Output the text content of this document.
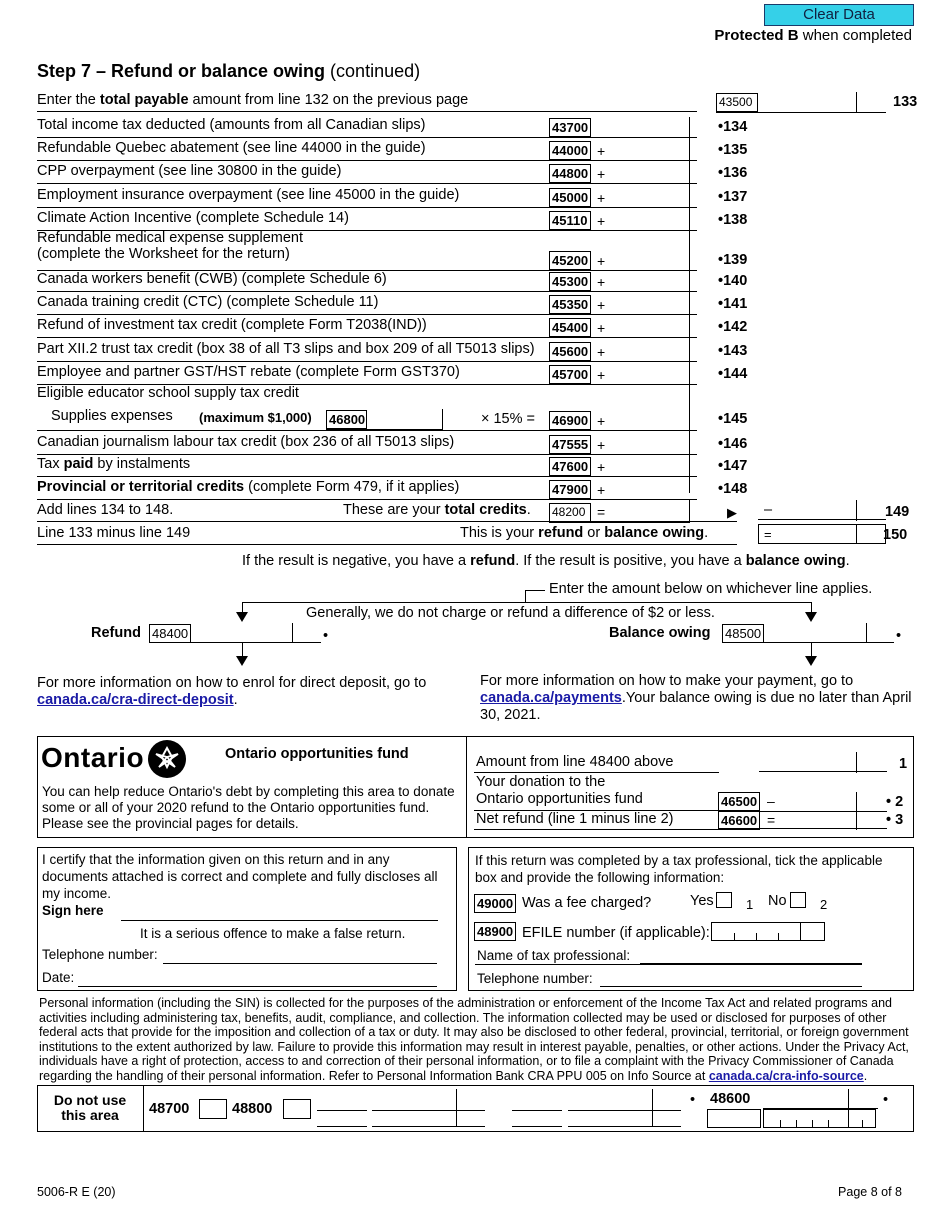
Clear Data
Protected B when completed
Step 7 – Refund or balance owing (continued)
Enter the total payable amount from line 132 on the previous page	43500	133
Total income tax deducted (amounts from all Canadian slips)	43700	•134
Refundable Quebec abatement (see line 44000 in the guide)	44000 +	•135
CPP overpayment (see line 30800 in the guide)	44800 +	•136
Employment insurance overpayment (see line 45000 in the guide)	45000 +	•137
Climate Action Incentive (complete Schedule 14)	45110 +	•138
Refundable medical expense supplement
(complete the Worksheet for the return)	45200 +	•139
Canada workers benefit (CWB) (complete Schedule 6)	45300 +	•140
Canada training credit (CTC) (complete Schedule 11)	45350 +	•141
Refund of investment tax credit (complete Form T2038(IND))	45400 +	•142
Part XII.2 trust tax credit (box 38 of all T3 slips and box 209 of all T5013 slips) 45600 +	•143
Employee and partner GST/HST rebate (complete Form GST370)	45700 +	•144
Eligible educator school supply tax credit
Supplies expenses (maximum $1,000) 46800	× 15% = 46900 +	•145
Canadian journalism labour tax credit (box 236 of all T5013 slips)	47555 +	•146
Tax paid by instalments	47600 +	•147
Provincial or territorial credits (complete Form 479, if it applies)	47900 +	•148
Add lines 134 to 148.	These are your total credits. 48200 =	▶ –	149
Line 133 minus line 149	This is your refund or balance owing.	=	150
If the result is negative, you have a refund. If the result is positive, you have a balance owing.
Enter the amount below on whichever line applies.
Generally, we do not charge or refund a difference of $2 or less.
Refund 48400	•	Balance owing 48500	•
For more information on how to enrol for direct deposit, go to canada.ca/cra-direct-deposit.
For more information on how to make your payment, go to canada.ca/payments.Your balance owing is due no later than April 30, 2021.
Ontario	Ontario opportunities fund
You can help reduce Ontario's debt by completing this area to donate some or all of your 2020 refund to the Ontario opportunities fund. Please see the provincial pages for details.
Amount from line 48400 above	1
Your donation to the
Ontario opportunities fund	46500 –	• 2
Net refund (line 1 minus line 2)	46600 =	• 3
I certify that the information given on this return and in any documents attached is correct and complete and fully discloses all my income.
Sign here
It is a serious offence to make a false return.
Telephone number:
Date:
If this return was completed by a tax professional, tick the applicable box and provide the following information:
49000 Was a fee charged?	Yes 1 No	2
48900 EFILE number (if applicable):
Name of tax professional:
Telephone number:
Personal information (including the SIN) is collected for the purposes of the administration or enforcement of the Income Tax Act and related programs and activities including administering tax, benefits, audit, compliance, and collection. The information collected may be used or disclosed for purposes of other federal acts that provide for the imposition and collection of a tax or duty. It may also be disclosed to other federal, provincial, territorial, or foreign government institutions to the extent authorized by law. Failure to provide this information may result in interest payable, penalties, or other actions. Under the Privacy Act, individuals have a right of protection, access to and correction of their personal information, or to file a complaint with the Privacy Commissioner of Canada regarding the handling of their personal information. Refer to Personal Information Bank CRA PPU 005 on Info Source at canada.ca/cra-info-source.
Do not use this area	48700	48800
• 48600	•
5006-R E (20)	Page 8 of 8
